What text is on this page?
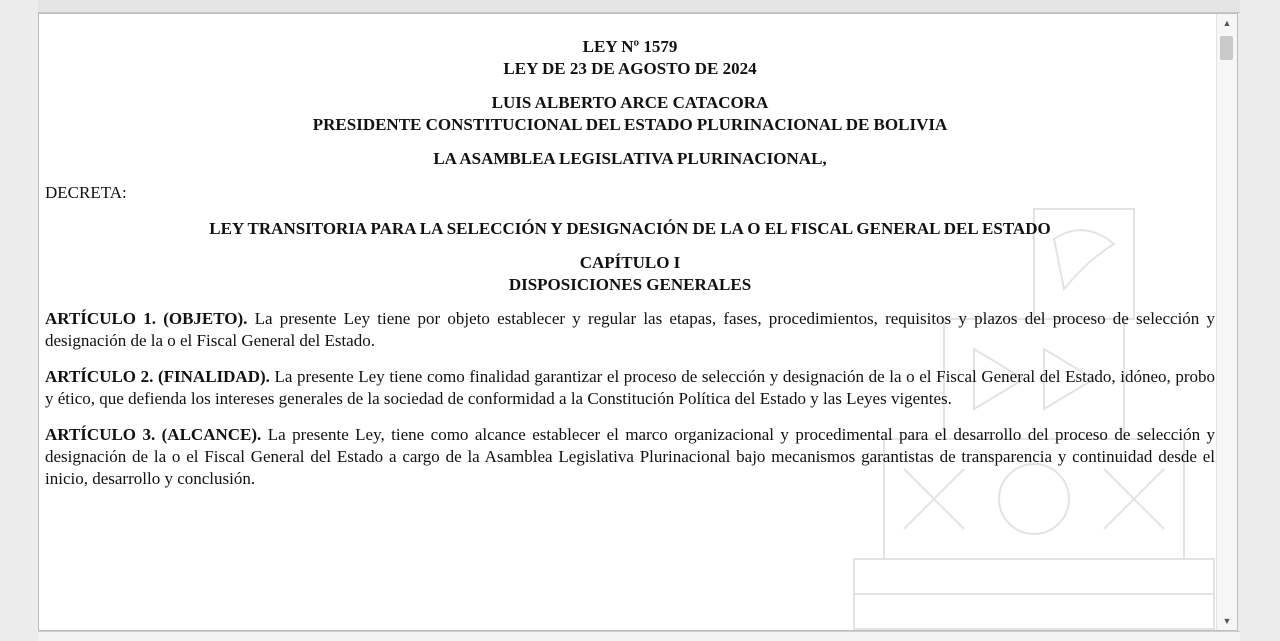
LEY Nº 1579
LEY DE 23 DE AGOSTO DE 2024
LUIS ALBERTO ARCE CATACORA
PRESIDENTE CONSTITUCIONAL DEL ESTADO PLURINACIONAL DE BOLIVIA
LA ASAMBLEA LEGISLATIVA PLURINACIONAL,
DECRETA:
LEY TRANSITORIA PARA LA SELECCIÓN Y DESIGNACIÓN DE LA O EL FISCAL GENERAL DEL ESTADO
CAPÍTULO I
DISPOSICIONES GENERALES

ARTÍCULO 1. (OBJETO). La presente Ley tiene por objeto establecer y regular las etapas, fases, procedimientos, requisitos y plazos del proceso de selección y designación de la o el Fiscal General del Estado.

ARTÍCULO 2. (FINALIDAD). La presente Ley tiene como finalidad garantizar el proceso de selección y designación de la o el Fiscal General del Estado, idóneo, probo y ético, que defienda los intereses generales de la sociedad de conformidad a la Constitución Política del Estado y las Leyes vigentes.

ARTÍCULO 3. (ALCANCE). La presente Ley, tiene como alcance establecer el marco organizacional y procedimental para el desarrollo del proceso de selección y designación de la o el Fiscal General del Estado a cargo de la Asamblea Legislativa Plurinacional bajo mecanismos garantistas de transparencia y continuidad desde el inicio, desarrollo y conclusión.

▲
▼
